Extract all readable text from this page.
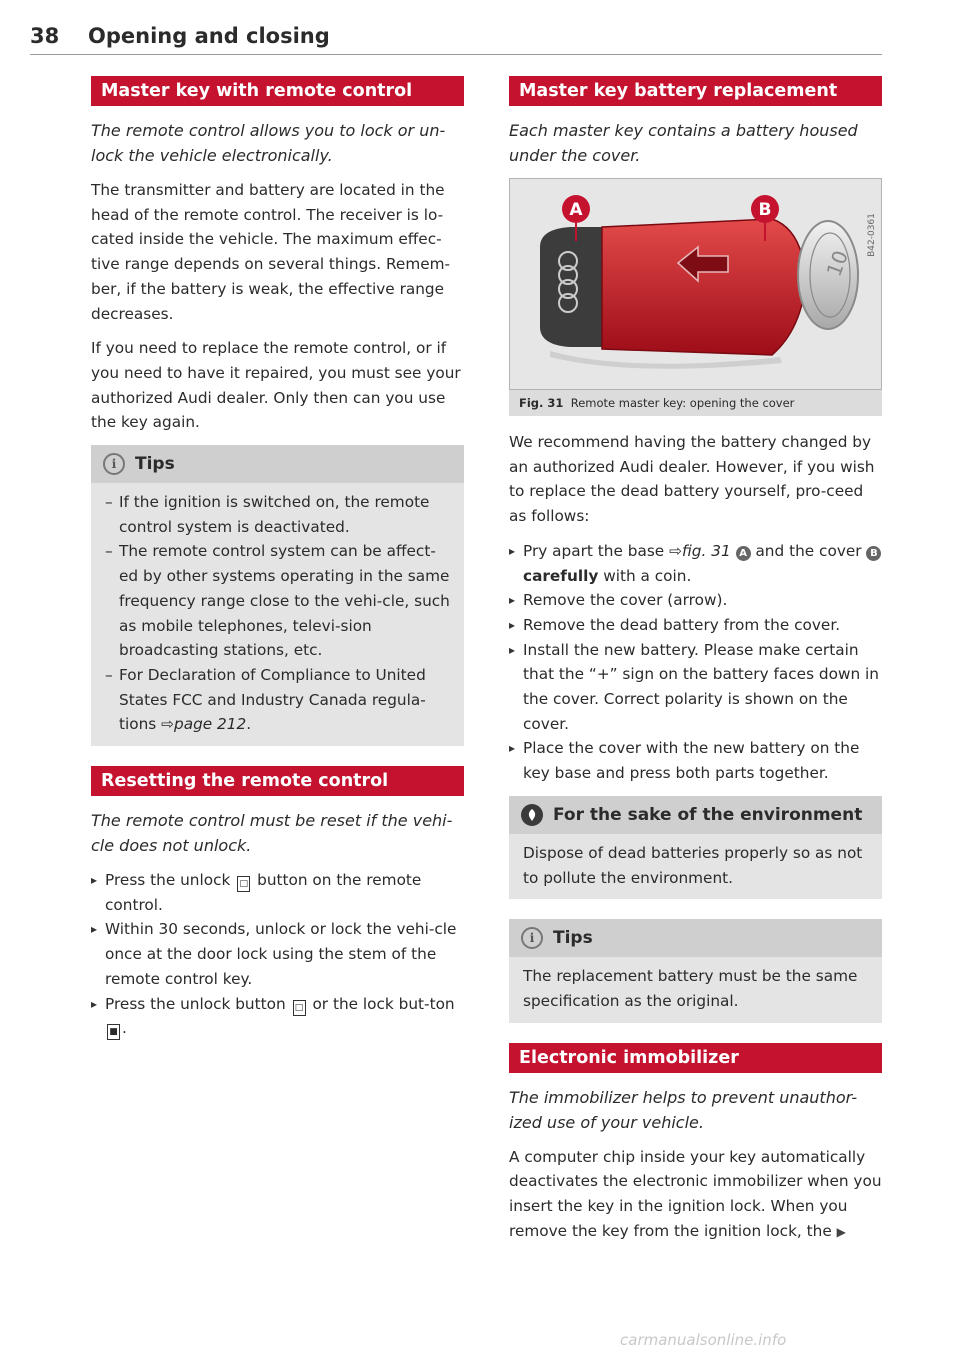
38 Opening and closing
Master key with remote control

The remote control allows you to lock or un-lock the vehicle electronically.

The transmitter and battery are located in the head of the remote control. The receiver is lo-cated inside the vehicle. The maximum effec-tive range depends on several things. Remem-ber, if the battery is weak, the effective range decreases.

If you need to replace the remote control, or if you need to have it repaired, you must see your authorized Audi dealer. Only then can you use the key again.

i	Tips
– If the ignition is switched on, the remote control system is deactivated.
– The remote control system can be affect-ed by other systems operating in the same frequency range close to the vehi-cle, such as mobile telephones, televi-sion broadcasting stations, etc.
– For Declaration of Compliance to United States FCC and Industry Canada regula-tions ⇨page 212.
Resetting the remote control

The remote control must be reset if the vehi-cle does not unlock.

▸ Press the unlock □ button on the remote control.
▸ Within 30 seconds, unlock or lock the vehi-cle once at the door lock using the stem of the remote control key.
▸ Press the unlock button □ or the lock but-ton ■ .
Master key battery replacement

Each master key contains a battery housed under the cover.

10
A	B
B42-0361
Fig. 31 Remote master key: opening the cover

We recommend having the battery changed by an authorized Audi dealer. However, if you wish to replace the dead battery yourself, pro-ceed as follows:

▸ Pry apart the base ⇨fig. 31 A and the cover B carefully with a coin.
▸ Remove the cover (arrow).
▸ Remove the dead battery from the cover.
▸ Install the new battery. Please make certain that the “+” sign on the battery faces down in the cover. Correct polarity is shown on the cover.
▸ Place the cover with the new battery on the key base and press both parts together.
For the sake of the environment

Dispose of dead batteries properly so as not to pollute the environment.

i	Tips

The replacement battery must be the same specification as the original.

Electronic immobilizer

The immobilizer helps to prevent unauthor-ized use of your vehicle.

A computer chip inside your key automatically deactivates the electronic immobilizer when you insert the key in the ignition lock. When you remove the key from the ignition lock, the ▶

carmanualsonline.info
